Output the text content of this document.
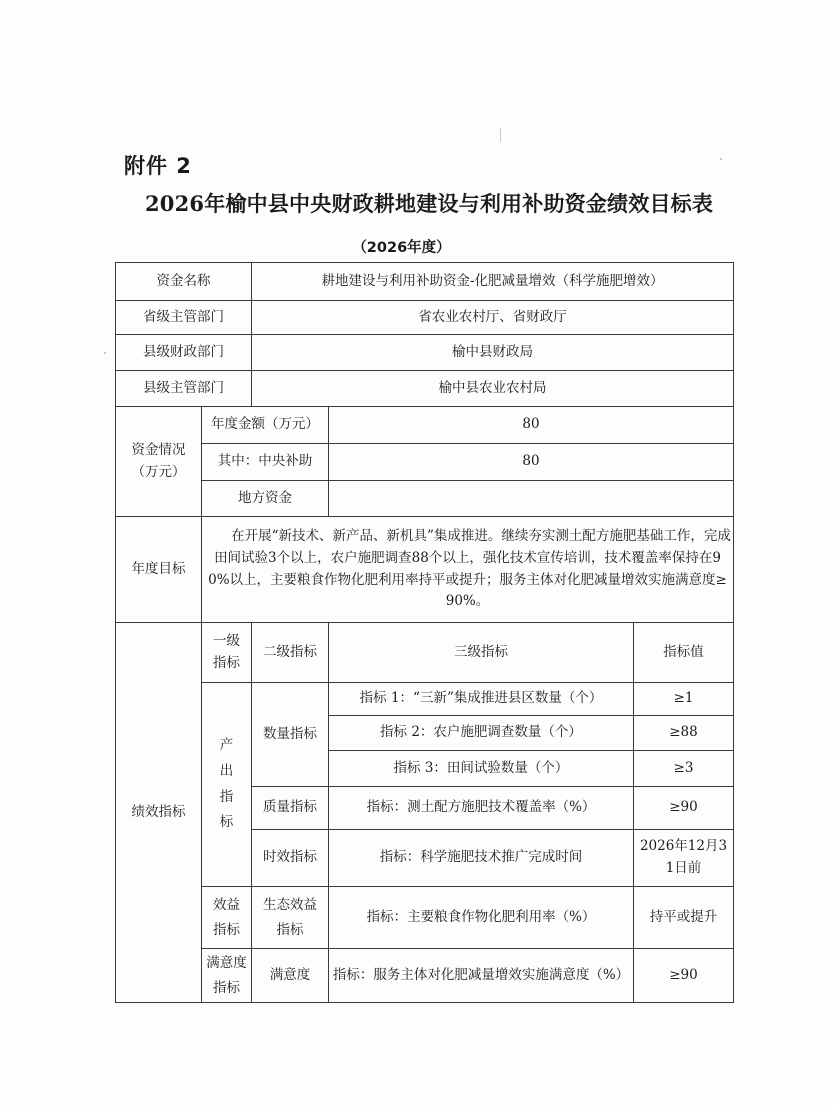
附件 2
2026年榆中县中央财政耕地建设与利用补助资金绩效目标表
（2026年度）
资金名称		耕地建设与利用补助资金-化肥减量增效（科学施肥增效）		
省级主管部门		省农业农村厅、省财政厅		
县级财政部门		榆中县财政局		
县级主管部门		榆中县农业农村局		
资金情况（万元）	年度金额（万元）		80	
	其中：中央补助		80	
	地方资金			
年度目标	在开展“新技术、新产品、新机具”集成推进。继续夯实测土配方施肥基础工作，完成田间试验3个以上，农户施肥调查88个以上，强化技术宣传培训，技术覆盖率保持在90%以上，主要粮食作物化肥利用率持平或提升；服务主体对化肥减量增效实施满意度≥90%。			

绩效指标	一级指标	二级指标	三级指标	指标值
	产出指标	数量指标	指标 1：“三新”集成推进县区数量（个）	≥1
			指标 2：农户施肥调查数量（个）	≥88
			指标 3：田间试验数量（个）	≥3
		质量指标	指标：测土配方施肥技术覆盖率（%）	≥90
		时效指标	指标：科学施肥技术推广完成时间	2026年12月31日前
	效益指标	生态效益指标	指标：主要粮食作物化肥利用率（%）	持平或提升
	满意度指标	满意度	指标：服务主体对化肥减量增效实施满意度（%）	≥90
